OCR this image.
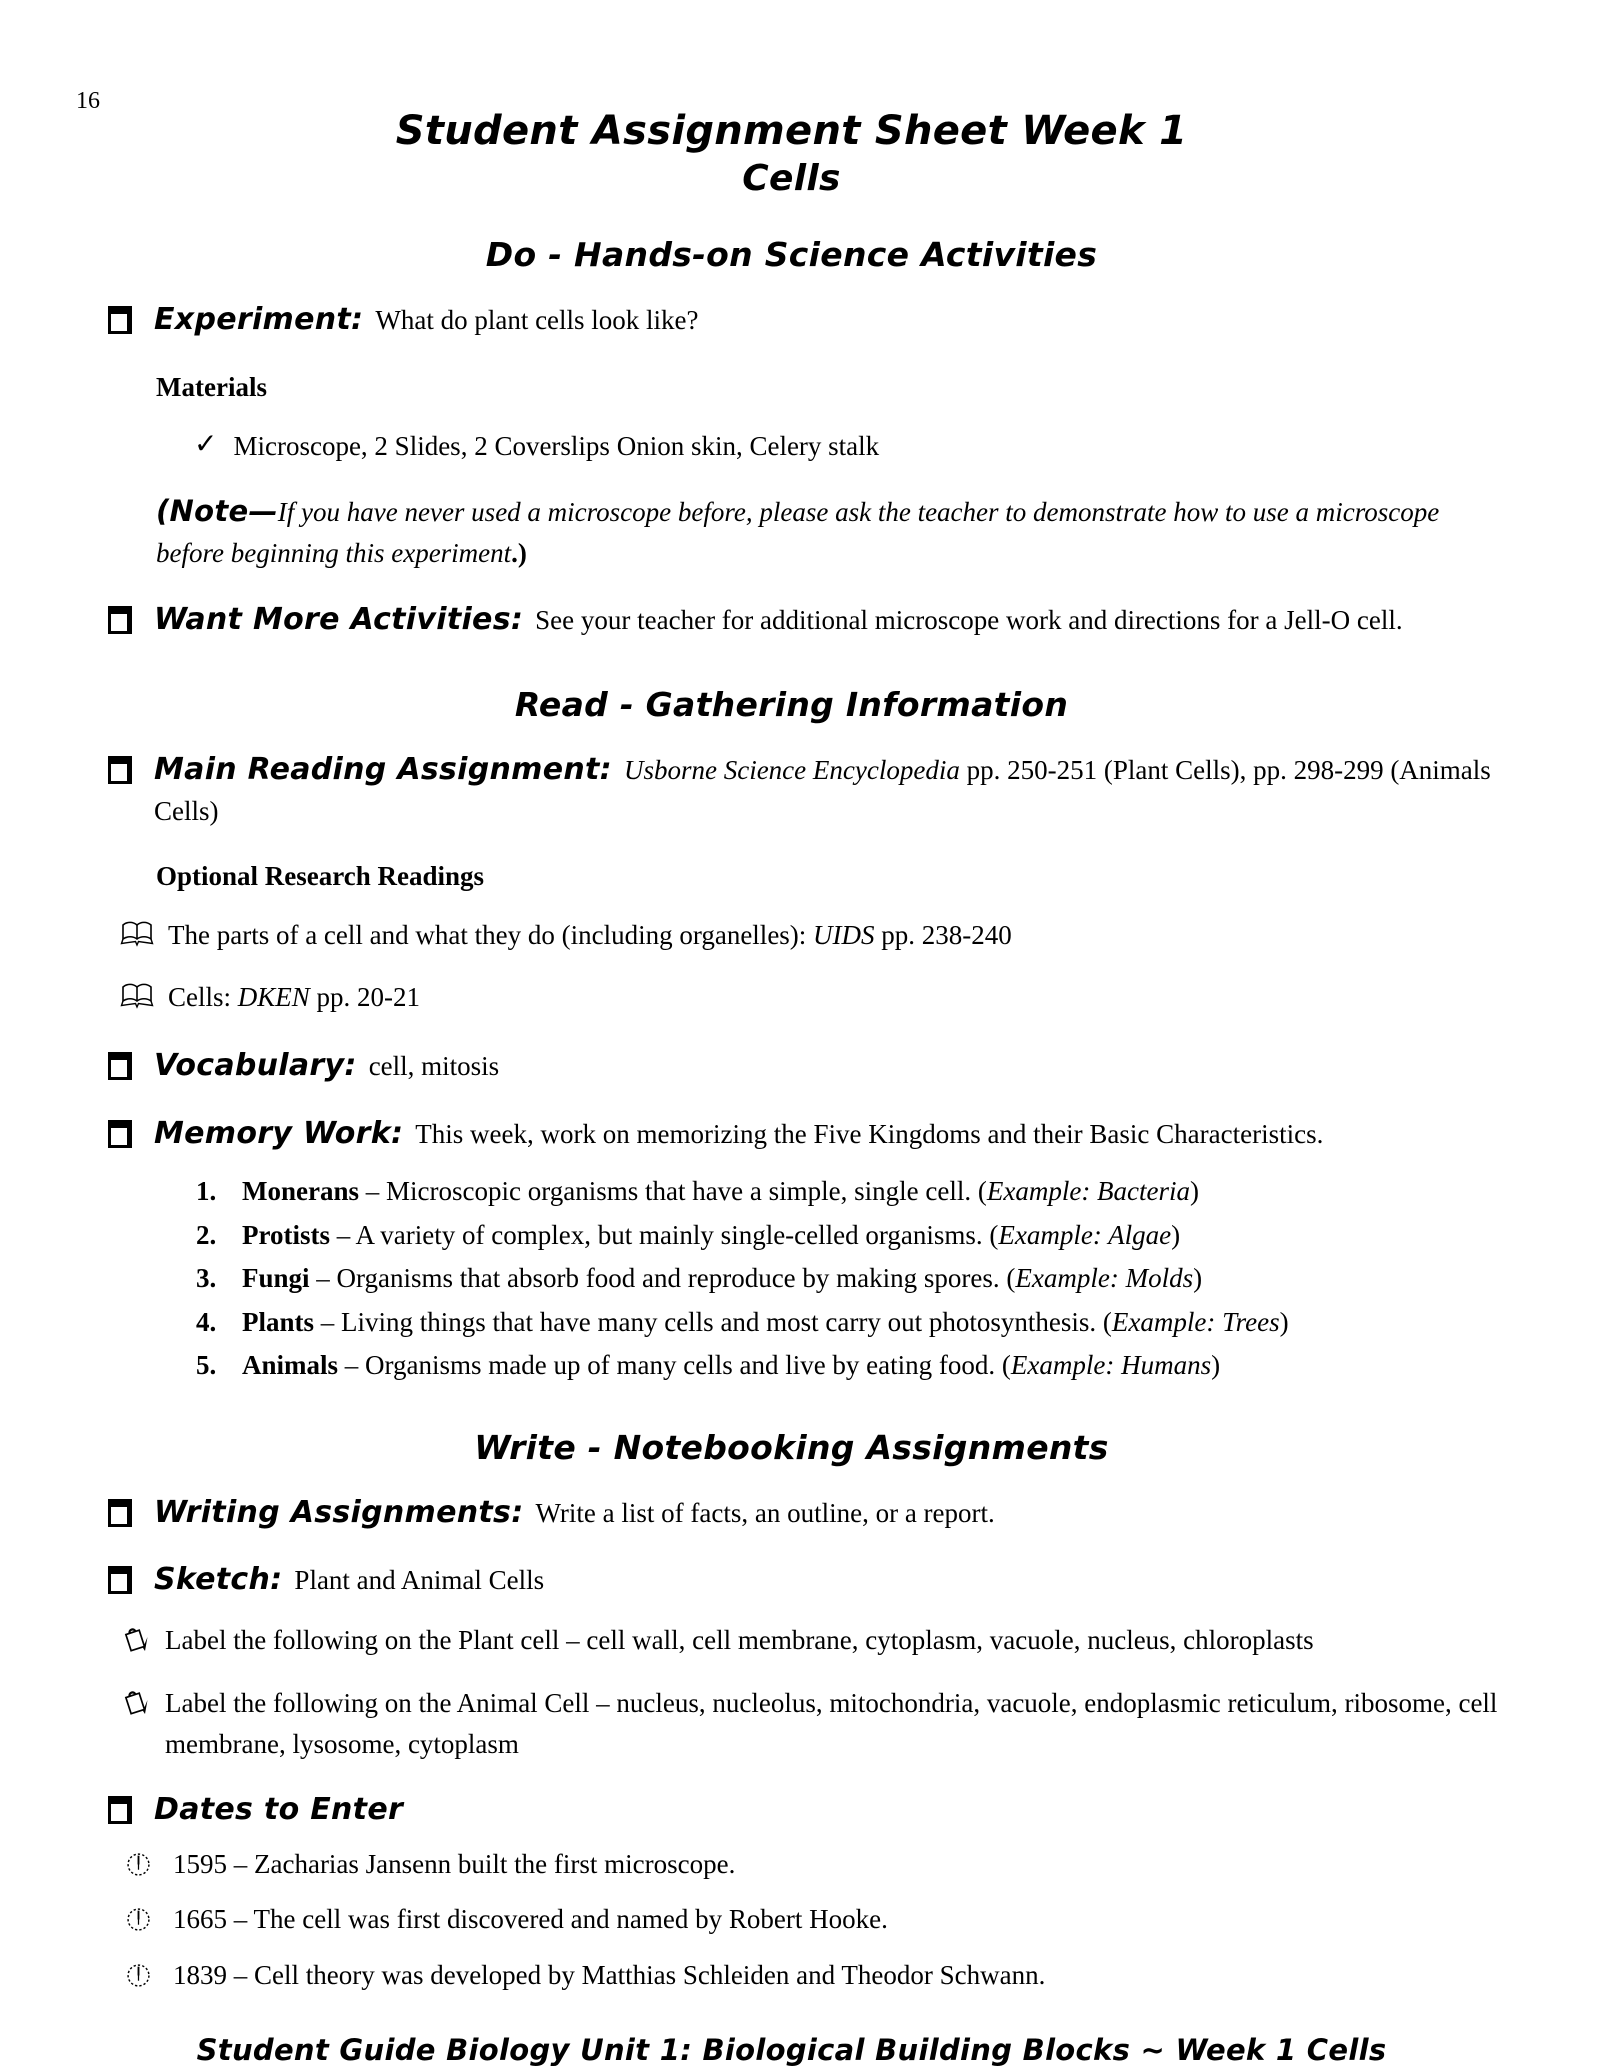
16
Student Assignment Sheet Week 1
Cells
Do - Hands-on Science Activities
Experiment: What do plant cells look like?
Materials
✓ Microscope, 2 Slides, 2 Coverslips Onion skin, Celery stalk
(Note—If you have never used a microscope before, please ask the teacher to demonstrate how to use a microscope before beginning this experiment.)
Want More Activities: See your teacher for additional microscope work and directions for a Jell-O cell.
Read - Gathering Information
Main Reading Assignment: Usborne Science Encyclopedia pp. 250-251 (Plant Cells), pp. 298-299 (Animals Cells)
Optional Research Readings
The parts of a cell and what they do (including organelles): UIDS pp. 238-240
Cells: DKEN pp. 20-21
Vocabulary: cell, mitosis
Memory Work: This week, work on memorizing the Five Kingdoms and their Basic Characteristics.
1. Monerans – Microscopic organisms that have a simple, single cell. (Example: Bacteria)
2. Protists – A variety of complex, but mainly single-celled organisms. (Example: Algae)
3. Fungi – Organisms that absorb food and reproduce by making spores. (Example: Molds)
4. Plants – Living things that have many cells and most carry out photosynthesis. (Example: Trees)
5. Animals – Organisms made up of many cells and live by eating food. (Example: Humans)
Write - Notebooking Assignments
Writing Assignments: Write a list of facts, an outline, or a report.
Sketch: Plant and Animal Cells
Label the following on the Plant cell – cell wall, cell membrane, cytoplasm, vacuole, nucleus, chloroplasts
Label the following on the Animal Cell – nucleus, nucleolus, mitochondria, vacuole, endoplasmic reticulum, ribosome, cell membrane, lysosome, cytoplasm
Dates to Enter
1595 – Zacharias Jansenn built the first microscope.
1665 – The cell was first discovered and named by Robert Hooke.
1839 – Cell theory was developed by Matthias Schleiden and Theodor Schwann.
Student Guide Biology Unit 1: Biological Building Blocks ~ Week 1 Cells
